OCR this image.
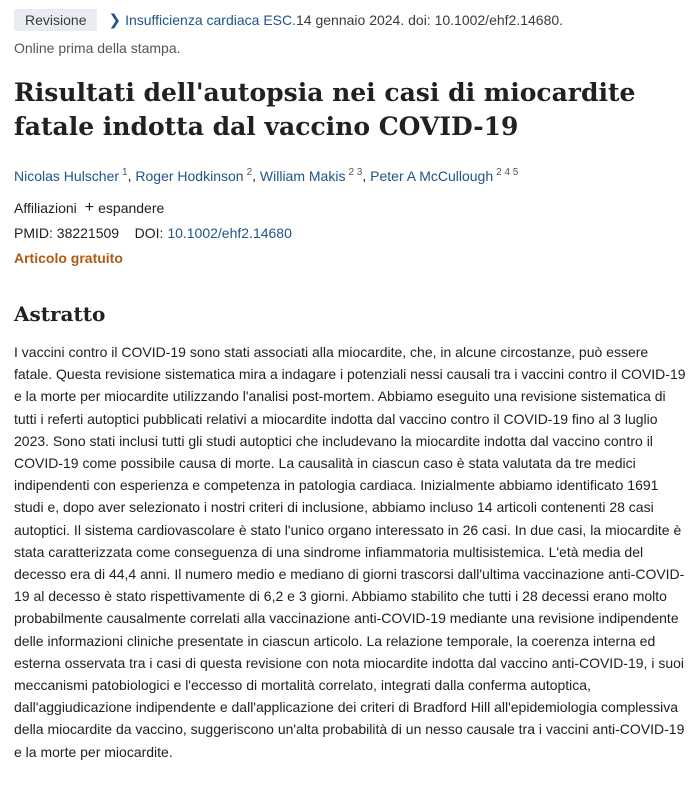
Revisione	❯ Insufficienza cardiaca ESC. 14 gennaio 2024. doi: 10.1002/ehf2.14680.
Online prima della stampa.
Risultati dell'autopsia nei casi di miocardite fatale indotta dal vaccino COVID-19
Nicolas Hulscher $^1$, Roger Hodkinson $^2$, William Makis $^{2 3}$, Peter A McCullough $^{2 4 5}$
Affiliazioni + espandere
PMID: 38221509 DOI: 10.1002/ehf2.14680
Articolo gratuito
Astratto

I vaccini contro il COVID-19 sono stati associati alla miocardite, che, in alcune circostanze, può essere fatale. Questa revisione sistematica mira a indagare i potenziali nessi causali tra i vaccini contro il COVID-19 e la morte per miocardite utilizzando l'analisi post-mortem. Abbiamo eseguito una revisione sistematica di tutti i referti autoptici pubblicati relativi a miocardite indotta dal vaccino contro il COVID-19 fino al 3 luglio 2023. Sono stati inclusi tutti gli studi autoptici che includevano la miocardite indotta dal vaccino contro il COVID-19 come possibile causa di morte. La causalità in ciascun caso è stata valutata da tre medici indipendenti con esperienza e competenza in patologia cardiaca. Inizialmente abbiamo identificato 1691 studi e, dopo aver selezionato i nostri criteri di inclusione, abbiamo incluso 14 articoli contenenti 28 casi autoptici. Il sistema cardiovascolare è stato l'unico organo interessato in 26 casi. In due casi, la miocardite è stata caratterizzata come conseguenza di una sindrome infiammatoria multisistemica. L'età media del decesso era di 44,4 anni. Il numero medio e mediano di giorni trascorsi dall'ultima vaccinazione anti-COVID-19 al decesso è stato rispettivamente di 6,2 e 3 giorni. Abbiamo stabilito che tutti i 28 decessi erano molto probabilmente causalmente correlati alla vaccinazione anti-COVID-19 mediante una revisione indipendente delle informazioni cliniche presentate in ciascun articolo. La relazione temporale, la coerenza interna ed esterna osservata tra i casi di questa revisione con nota miocardite indotta dal vaccino anti-COVID-19, i suoi meccanismi patobiologici e l'eccesso di mortalità correlato, integrati dalla conferma autoptica, dall'aggiudicazione indipendente e dall'applicazione dei criteri di Bradford Hill all'epidemiologia complessiva della miocardite da vaccino, suggeriscono un'alta probabilità di un nesso causale tra i vaccini anti-COVID-19 e la morte per miocardite.
